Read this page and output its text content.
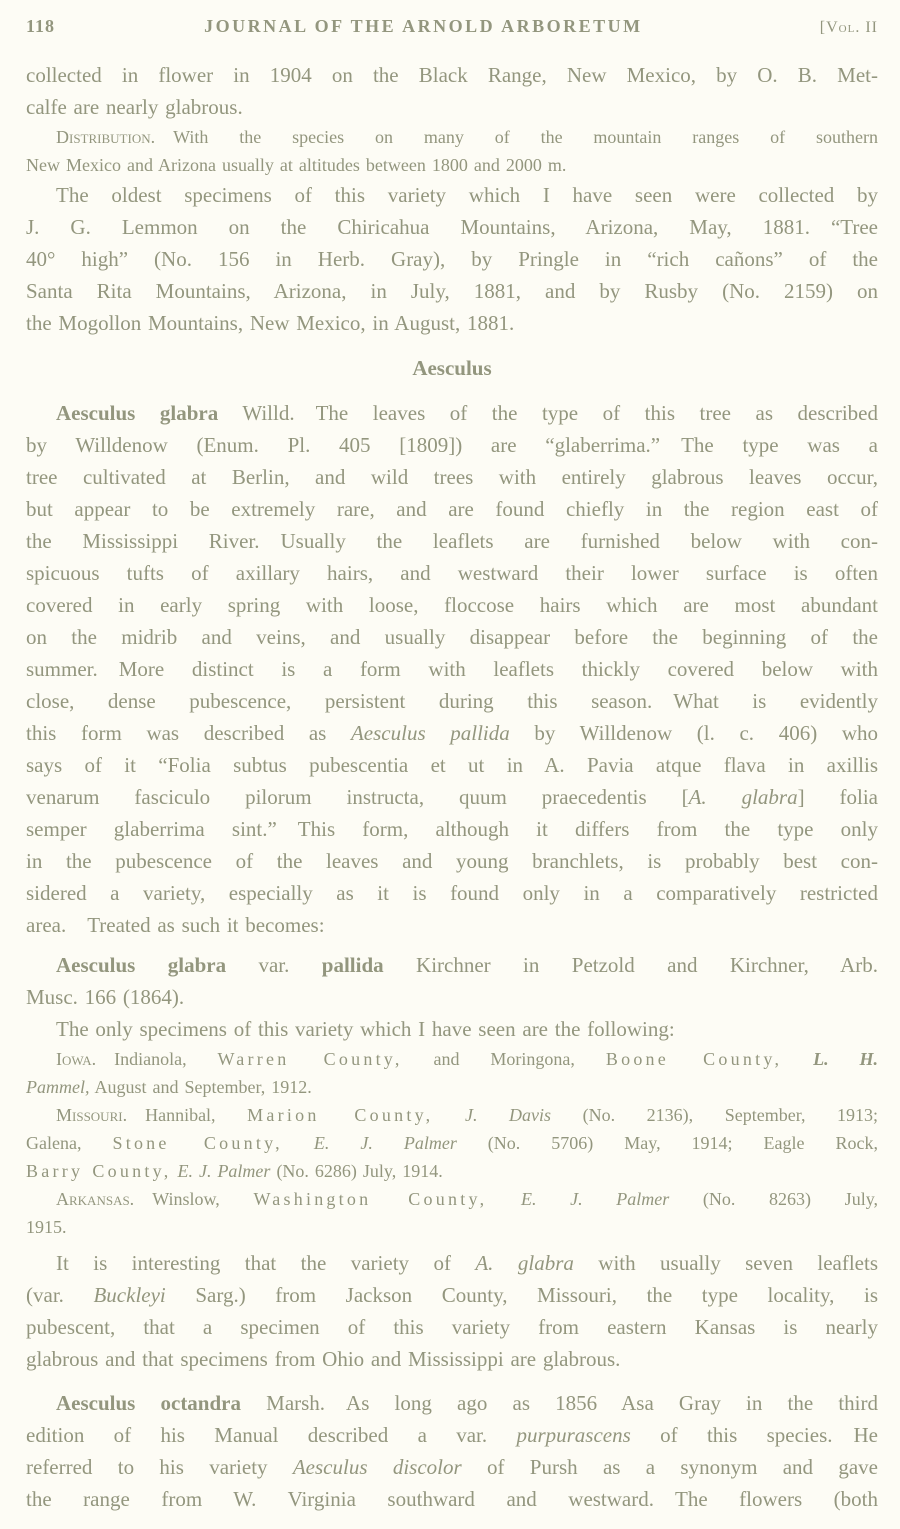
118	JOURNAL OF THE ARNOLD ARBORETUM	[Vol. II
collected in flower in 1904 on the Black Range, New Mexico, by O. B. Met-
calfe are nearly glabrous.
Distribution. With the species on many of the mountain ranges of southern
New Mexico and Arizona usually at altitudes between 1800 and 2000 m.
The oldest specimens of this variety which I have seen were collected by
J. G. Lemmon on the Chiricahua Mountains, Arizona, May, 1881. “Tree
40° high” (No. 156 in Herb. Gray), by Pringle in “rich cañons” of the
Santa Rita Mountains, Arizona, in July, 1881, and by Rusby (No. 2159) on
the Mogollon Mountains, New Mexico, in August, 1881.
Aesculus
Aesculus glabra Willd. The leaves of the type of this tree as described
by Willdenow (Enum. Pl. 405 [1809]) are “glaberrima.” The type was a
tree cultivated at Berlin, and wild trees with entirely glabrous leaves occur,
but appear to be extremely rare, and are found chiefly in the region east of
the Mississippi River. Usually the leaflets are furnished below with con-
spicuous tufts of axillary hairs, and westward their lower surface is often
covered in early spring with loose, floccose hairs which are most abundant
on the midrib and veins, and usually disappear before the beginning of the
summer. More distinct is a form with leaflets thickly covered below with
close, dense pubescence, persistent during this season. What is evidently
this form was described as Aesculus pallida by Willdenow (l. c. 406) who
says of it “Folia subtus pubescentia et ut in A. Pavia atque flava in axillis
venarum fasciculo pilorum instructa, quum praecedentis [A. glabra] folia
semper glaberrima sint.” This form, although it differs from the type only
in the pubescence of the leaves and young branchlets, is probably best con-
sidered a variety, especially as it is found only in a comparatively restricted
area. Treated as such it becomes:
Aesculus glabra var. pallida Kirchner in Petzold and Kirchner, Arb.
Musc. 166 (1864).
The only specimens of this variety which I have seen are the following:
Iowa. Indianola, Warren County, and Moringona, Boone County, L. H.
Pammel, August and September, 1912.
Missouri. Hannibal, Marion County, J. Davis (No. 2136), September, 1913;
Galena, Stone County, E. J. Palmer (No. 5706) May, 1914; Eagle Rock,
Barry County, E. J. Palmer (No. 6286) July, 1914.
Arkansas. Winslow, Washington County, E. J. Palmer (No. 8263) July,
1915.
It is interesting that the variety of A. glabra with usually seven leaflets
(var. Buckleyi Sarg.) from Jackson County, Missouri, the type locality, is
pubescent, that a specimen of this variety from eastern Kansas is nearly
glabrous and that specimens from Ohio and Mississippi are glabrous.
Aesculus octandra Marsh. As long ago as 1856 Asa Gray in the third
edition of his Manual described a var. purpurascens of this species. He
referred to his variety Aesculus discolor of Pursh as a synonym and gave
the range from W. Virginia southward and westward. The flowers (both
